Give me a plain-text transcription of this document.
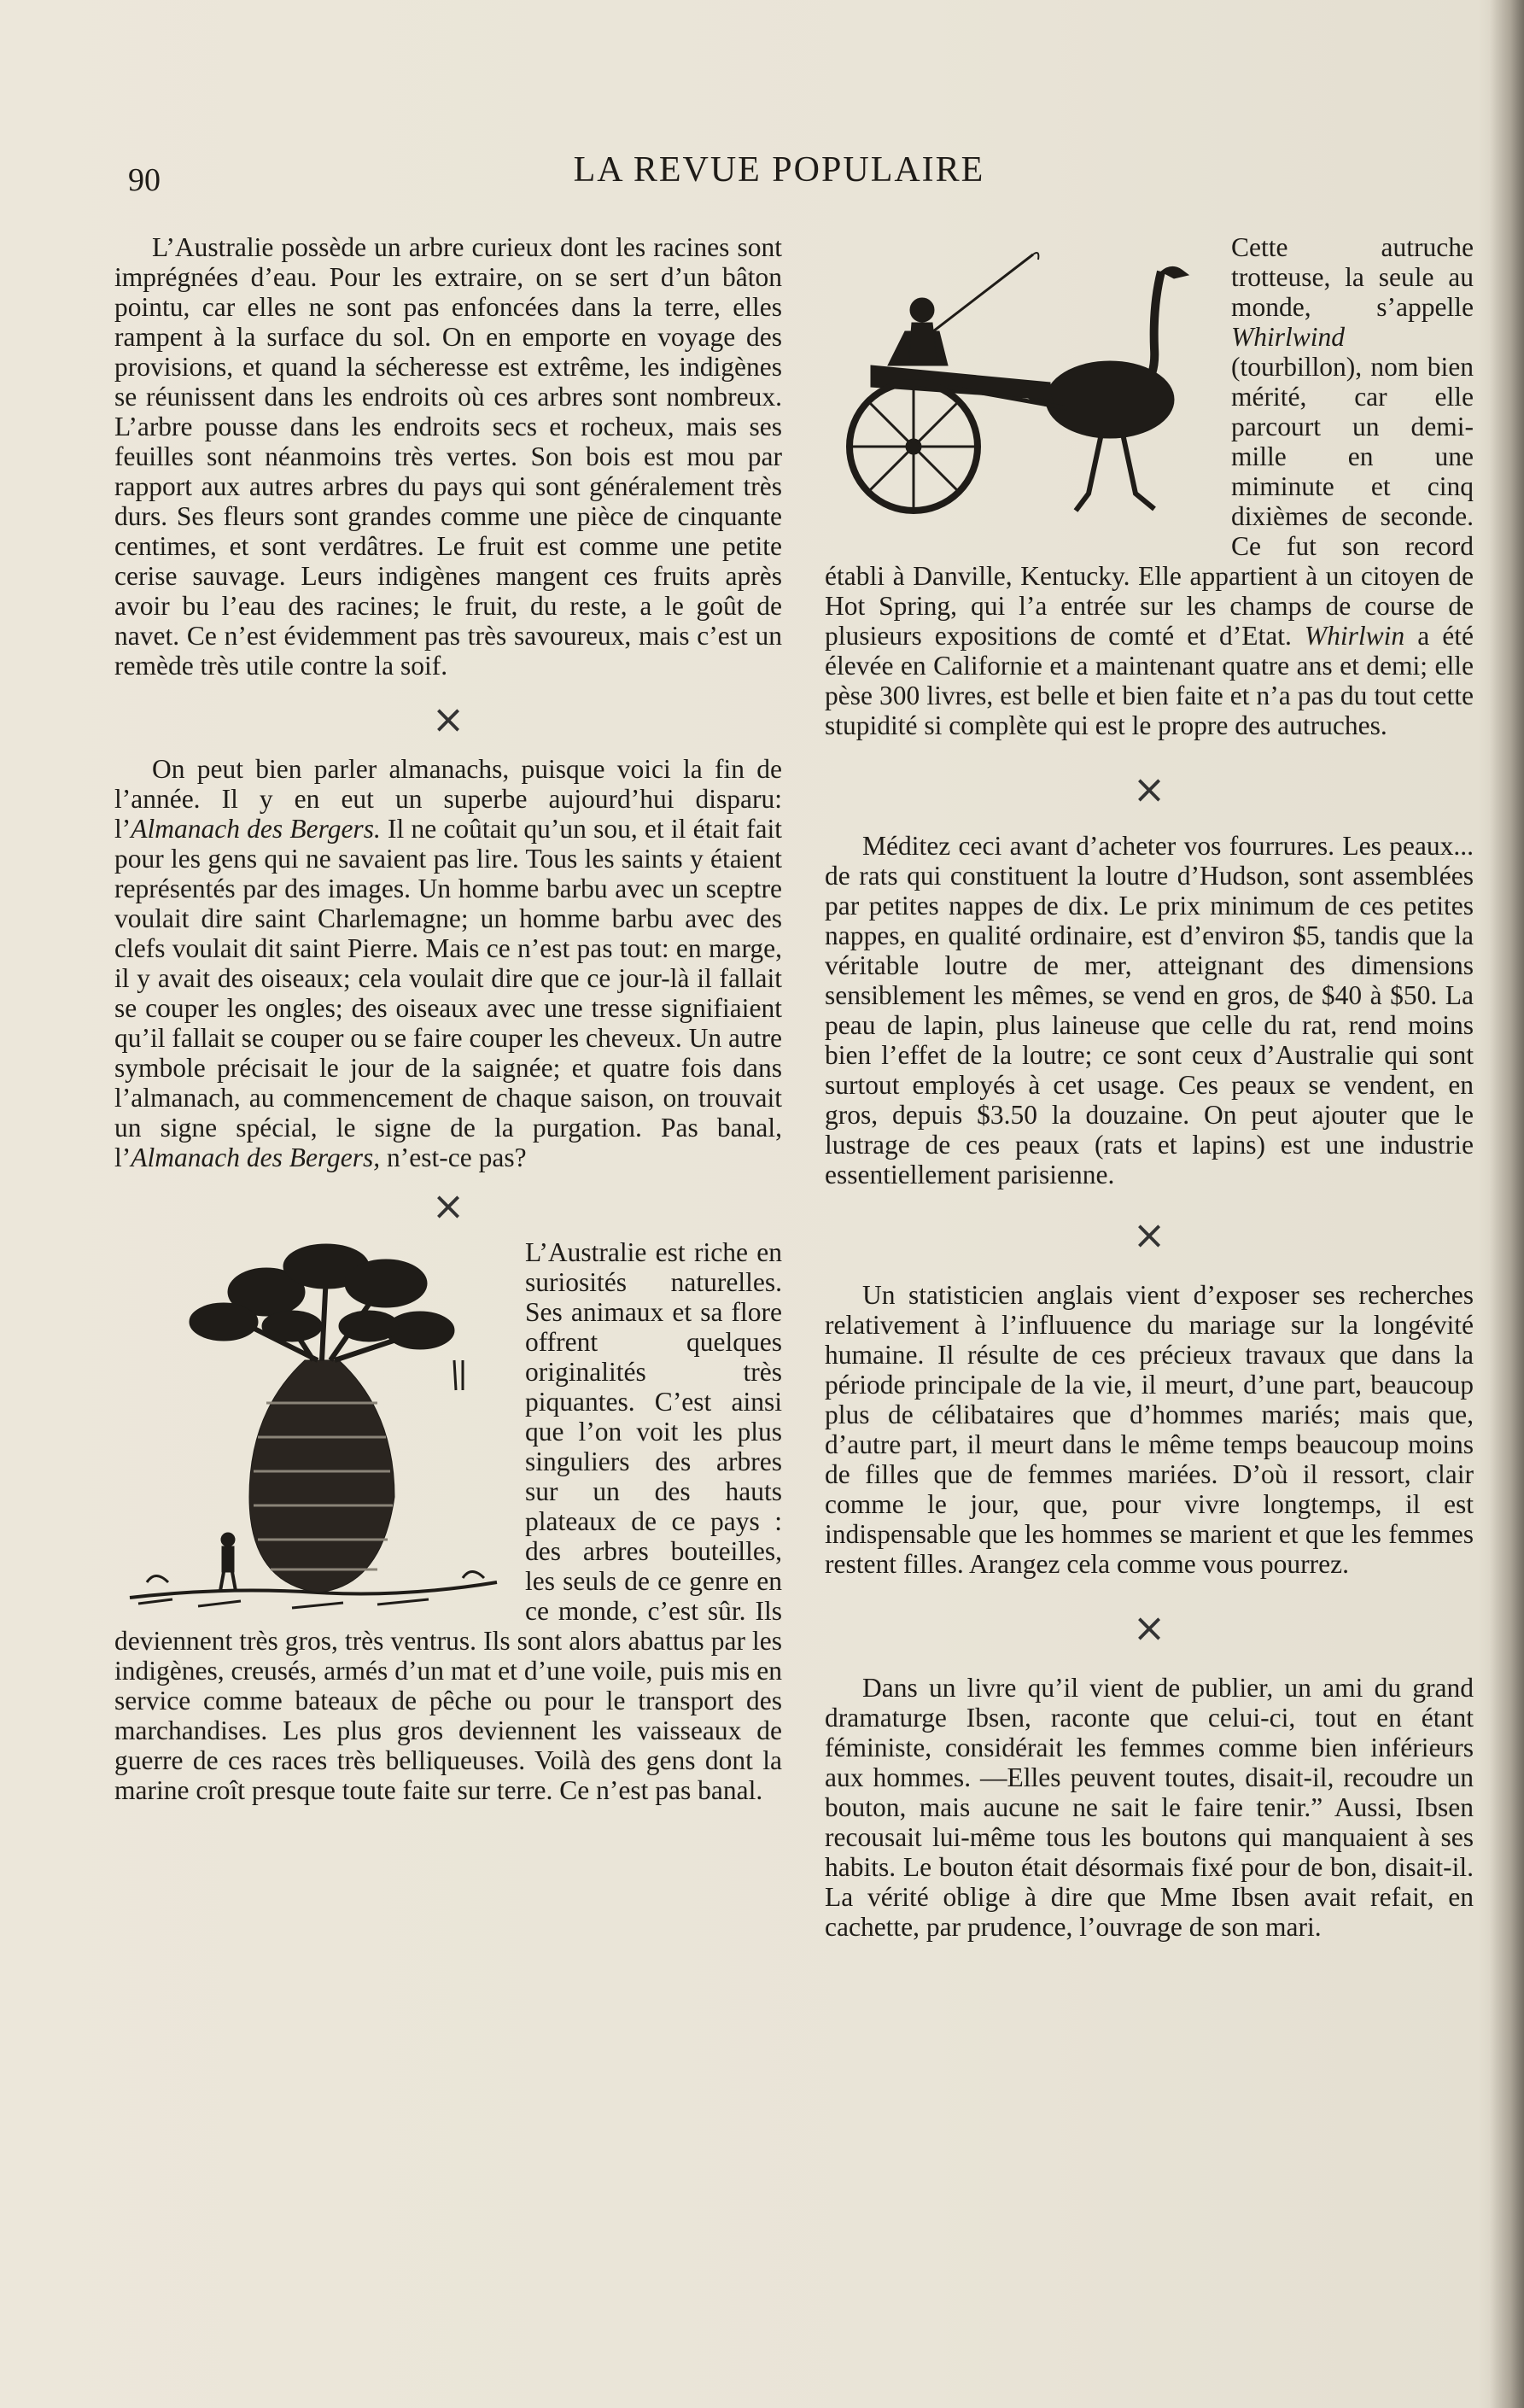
90	LA REVUE POPULAIRE

L’Australie possède un arbre curieux dont les racines sont imprégnées d’eau. Pour les extraire, on se sert d’un bâton pointu, car elles ne sont pas enfoncées dans la terre, elles rampent à la surface du sol. On en emporte en voyage des provisions, et quand la sécheresse est extrême, les indigènes se réunissent dans les endroits où ces arbres sont nombreux. L’arbre pousse dans les endroits secs et rocheux, mais ses feuilles sont néanmoins très vertes. Son bois est mou par rapport aux autres arbres du pays qui sont généralement très durs. Ses fleurs sont grandes comme une pièce de cinquante centimes, et sont verdâtres. Le fruit est comme une petite cerise sauvage. Leurs indigènes mangent ces fruits après avoir bu l’eau des racines; le fruit, du reste, a le goût de navet. Ce n’est évidemment pas très savoureux, mais c’est un remède très utile contre la soif.

×

On peut bien parler almanachs, puisque voici la fin de l’année. Il y en eut un superbe aujourd’hui disparu: l’Almanach des Bergers. Il ne coûtait qu’un sou, et il était fait pour les gens qui ne savaient pas lire. Tous les saints y étaient représentés par des images. Un homme barbu avec un sceptre voulait dire saint Charlemagne; un homme barbu avec des clefs voulait dit saint Pierre. Mais ce n’est pas tout: en marge, il y avait des oiseaux; cela voulait dire que ce jour-là il fallait se couper les ongles; des oiseaux avec une tresse signifiaient qu’il fallait se couper ou se faire couper les cheveux. Un autre symbole précisait le jour de la saignée; et quatre fois dans l’almanach, au commencement de chaque saison, on trouvait un signe spécial, le signe de la purgation. Pas banal, l’Almanach des Bergers, n’est-ce pas?

×
L’Australie est riche en suriosités naturelles. Ses animaux et sa flore offrent quelques originalités très piquantes. C’est ainsi que l’on voit les plus singuliers des arbres sur un des hauts plateaux de ce pays : des arbres bouteilles, les seuls de ce genre en ce monde, c’est sûr. Ils deviennent très gros, très ventrus. Ils sont alors abattus par les indigènes, creusés, armés d’un mat et d’une voile, puis mis en service comme bateaux de pêche ou pour le transport des marchandises. Les plus gros deviennent les vaisseaux de guerre de ces races très belliqueuses. Voilà des gens dont la marine croît presque toute faite sur terre. Ce n’est pas banal.
Cette autruche trotteuse, la seule au monde, s’appelle Whirlwind (tourbillon), nom bien mérité, car elle parcourt un demi-mille en une miminute et cinq dixièmes de seconde. Ce fut son record établi à Danville, Kentucky. Elle appartient à un citoyen de Hot Spring, qui l’a entrée sur les champs de course de plusieurs expositions de comté et d’Etat. Whirlwin a été élevée en Californie et a maintenant quatre ans et demi; elle pèse 300 livres, est belle et bien faite et n’a pas du tout cette stupidité si complète qui est le propre des autruches.
×

Méditez ceci avant d’acheter vos fourrures. Les peaux... de rats qui constituent la loutre d’Hudson, sont assemblées par petites nappes de dix. Le prix minimum de ces petites nappes, en qualité ordinaire, est d’environ $5, tandis que la véritable loutre de mer, atteignant des dimensions sensiblement les mêmes, se vend en gros, de $40 à $50. La peau de lapin, plus laineuse que celle du rat, rend moins bien l’effet de la loutre; ce sont ceux d’Australie qui sont surtout employés à cet usage. Ces peaux se vendent, en gros, depuis $3.50 la douzaine. On peut ajouter que le lustrage de ces peaux (rats et lapins) est une industrie essentiellement parisienne.

×

Un statisticien anglais vient d’exposer ses recherches relativement à l’influuence du mariage sur la longévité humaine. Il résulte de ces précieux travaux que dans la période principale de la vie, il meurt, d’une part, beaucoup plus de célibataires que d’hommes mariés; mais que, d’autre part, il meurt dans le même temps beaucoup moins de filles que de femmes mariées. D’où il ressort, clair comme le jour, que, pour vivre longtemps, il est indispensable que les hommes se marient et que les femmes restent filles. Arangez cela comme vous pourrez.

×

Dans un livre qu’il vient de publier, un ami du grand dramaturge Ibsen, raconte que celui-ci, tout en étant féministe, considérait les femmes comme bien inférieurs aux hommes. —Elles peuvent toutes, disait-il, recoudre un bouton, mais aucune ne sait le faire tenir.” Aussi, Ibsen recousait lui-même tous les boutons qui manquaient à ses habits. Le bouton était désormais fixé pour de bon, disait-il. La vérité oblige à dire que Mme Ibsen avait refait, en cachette, par prudence, l’ouvrage de son mari.
